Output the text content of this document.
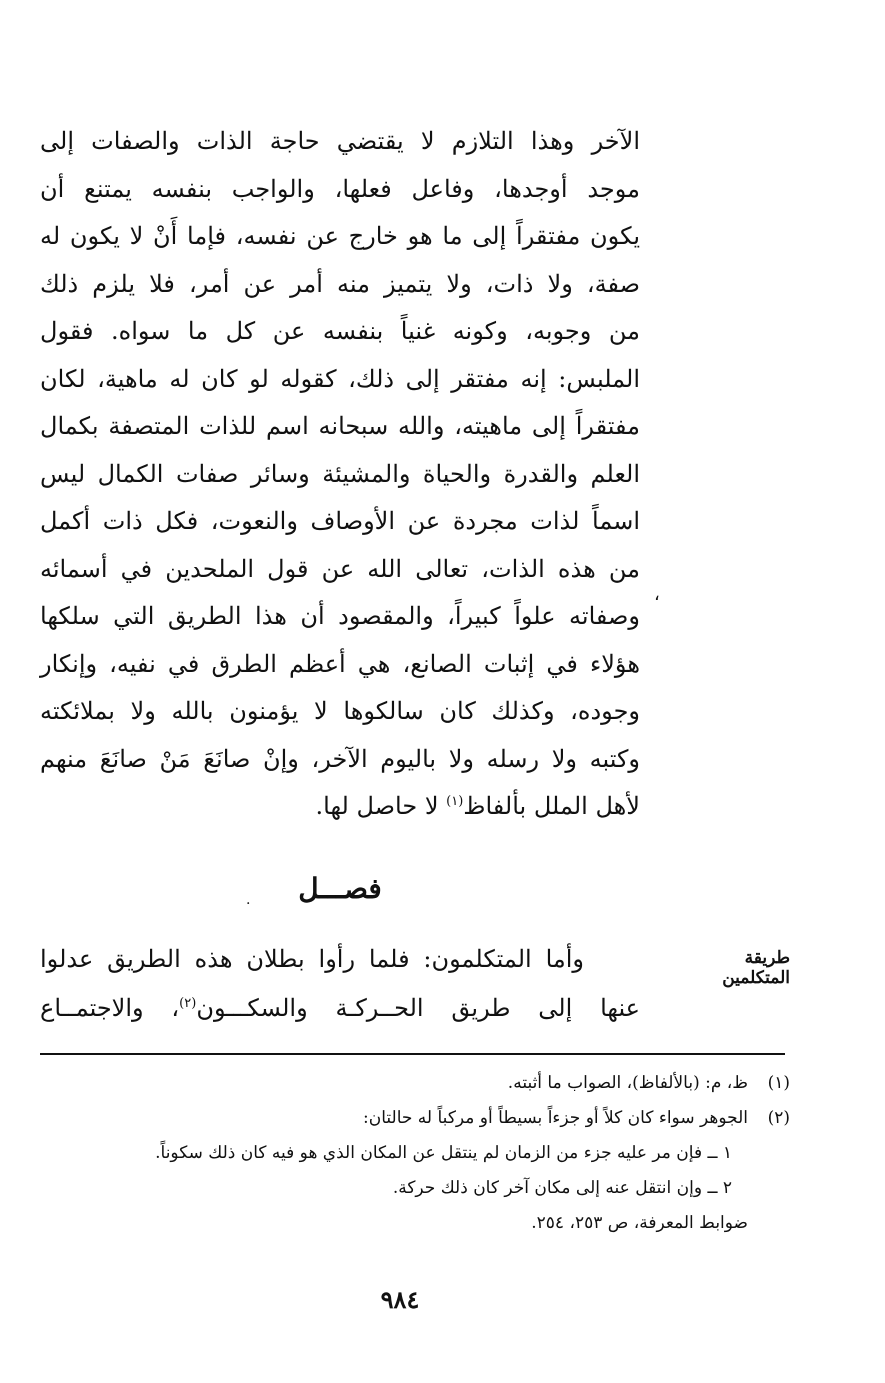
الآخر وهذا التلازم لا يقتضي حاجة الذات والصفات إلى
موجد أوجدها، وفاعل فعلها، والواجب بنفسه يمتنع أن
يكون مفتقراً إلى ما هو خارج عن نفسه، فإما أَنْ لا يكون له
صفة، ولا ذات، ولا يتميز منه أمر عن أمر، فلا يلزم ذلك
من وجوبه، وكونه غنياً بنفسه عن كل ما سواه. فقول
الملبس: إنه مفتقر إلى ذلك، كقوله لو كان له ماهية، لكان
مفتقراً إلى ماهيته، والله سبحانه اسم للذات المتصفة بكمال
العلم والقدرة والحياة والمشيئة وسائر صفات الكمال ليس
اسماً لذات مجردة عن الأوصاف والنعوت، فكل ذات أكمل
من هذه الذات، تعالى الله عن قول الملحدين في أسمائه
وصفاته علواً كبيراً، والمقصود أن هذا الطريق التي سلكها
هؤلاء في إثبات الصانع، هي أعظم الطرق في نفيه، وإنكار
وجوده، وكذلك كان سالكوها لا يؤمنون بالله ولا بملائكته
وكتبه ولا رسله ولا باليوم الآخر، وإنْ صانَعَ مَنْ صانَعَ منهم
لأهل الملل بألفاظ$^{(١)}$ لا حاصل لها.
،
.	فصـــل
طريقة المتكلمين
وأما المتكلمون: فلما رأوا بطلان هذه الطريق عدلوا
عنها إلى طريق الحــركـة والسكـــون$^{(٢)}$، والاجتمــاع
(١)ظ، م: (بالألفاظ)، الصواب ما أثبته.
(٢)الجوهر سواء كان كلاً أو جزءاً بسيطاً أو مركباً له حالتان:
١ ــ فإن مر عليه جزء من الزمان لم ينتقل عن المكان الذي هو فيه كان ذلك سكوناً.
٢ ــ وإن انتقل عنه إلى مكان آخر كان ذلك حركة.
ضوابط المعرفة، ص ٢٥٣، ٢٥٤.
٩٨٤
